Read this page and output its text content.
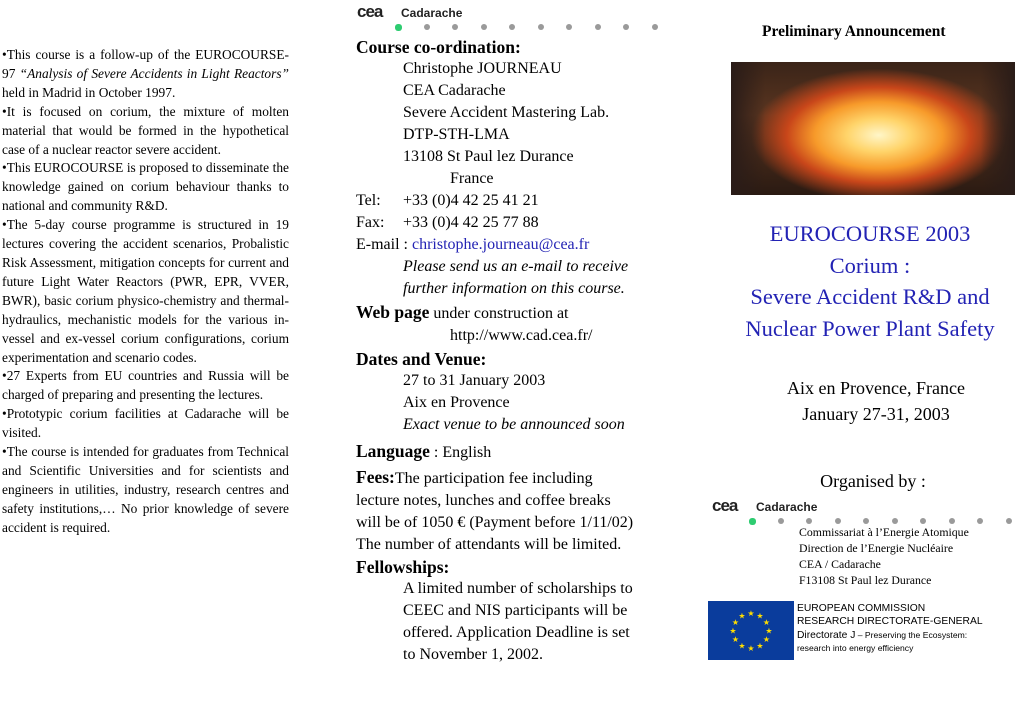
•This course is a follow-up of the EUROCOURSE-97 “Analysis of Severe Accidents in Light Reactors” held in Madrid in October 1997.

•It is focused on corium, the mixture of molten material that would be formed in the hypothetical case of a nuclear reactor severe accident.

•This EUROCOURSE is proposed to disseminate the knowledge gained on corium behaviour thanks to national and community R&D.

•The 5-day course programme is structured in 19 lectures covering the accident scenarios, Probalistic Risk Assessment, mitigation concepts for current and future Light Water Reactors (PWR, EPR, VVER, BWR), basic corium physico-chemistry and thermal-hydraulics, mechanistic models for the various in-vessel and ex-vessel corium configurations, corium experimentation and scenario codes.

•27 Experts from EU countries and Russia will be charged of preparing and presenting the lectures.

•Prototypic corium facilities at Cadarache will be visited.

•The course is intended for graduates from Technical and Scientific Universities and for scientists and engineers in utilities, industry, research centres and safety institutions,… No prior knowledge of severe accident is required.

cea Cadarache
Course co-ordination:
Christophe JOURNEAU
CEA Cadarache
Severe Accident Mastering Lab.
DTP-STH-LMA
13108 St Paul lez Durance
France
Tel: +33 (0)4 42 25 41 21
Fax: +33 (0)4 42 25 77 88
E-mail : christophe.journeau@cea.fr
Please send us an e-mail to receive
further information on this course.
Web page under construction at
http://www.cad.cea.fr/
Dates and Venue:
27 to 31 January 2003
Aix en Provence
Exact venue to be announced soon
Language : English
Fees:The participation fee including
lecture notes, lunches and coffee breaks
will be of 1050 € (Payment before 1/11/02)
The number of attendants will be limited.
Fellowships:
A limited number of scholarships to
CEEC and NIS participants will be
offered. Application Deadline is set
to November 1, 2002.
Preliminary Announcement
EUROCOURSE 2003
Corium :
Severe Accident R&D and
Nuclear Power Plant Safety
Aix en Provence, France
January 27-31, 2003
Organised by :
cea Cadarache
Commissariat à l’Energie Atomique
Direction de l’Energie Nucléaire
CEA / Cadarache
F13108 St Paul lez Durance
★ ★
★
★
★
★
★
★
★
★
★
★
EUROPEAN COMMISSION
RESEARCH DIRECTORATE-GENERAL
Directorate J – Preserving the Ecosystem:
research into energy efficiency
